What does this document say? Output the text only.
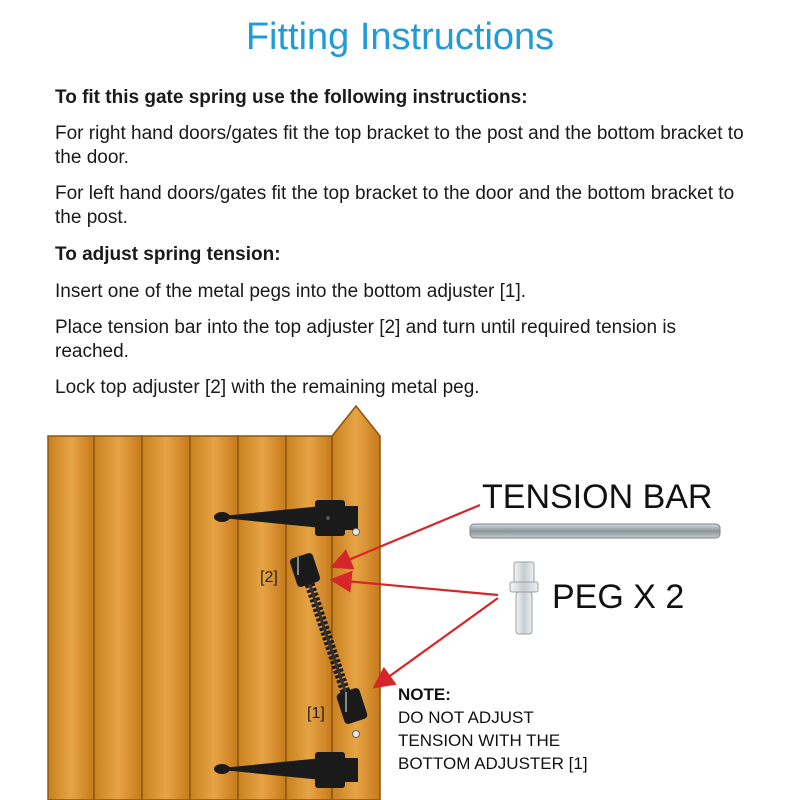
Fitting Instructions

To fit this gate spring use the following instructions:

For right hand doors/gates fit the top bracket to the post and the bottom bracket to the door.

For left hand doors/gates fit the top bracket to the door and the bottom bracket to the post.

To adjust spring tension:

Insert one of the metal pegs into the bottom adjuster [1].

Place tension bar into the top adjuster [2] and turn until required tension is reached.

Lock top adjuster [2] with the remaining metal peg.

[2]
[1]
TENSION BAR
PEG X 2
NOTE:
DO NOT ADJUST
TENSION WITH THE
BOTTOM ADJUSTER [1]
